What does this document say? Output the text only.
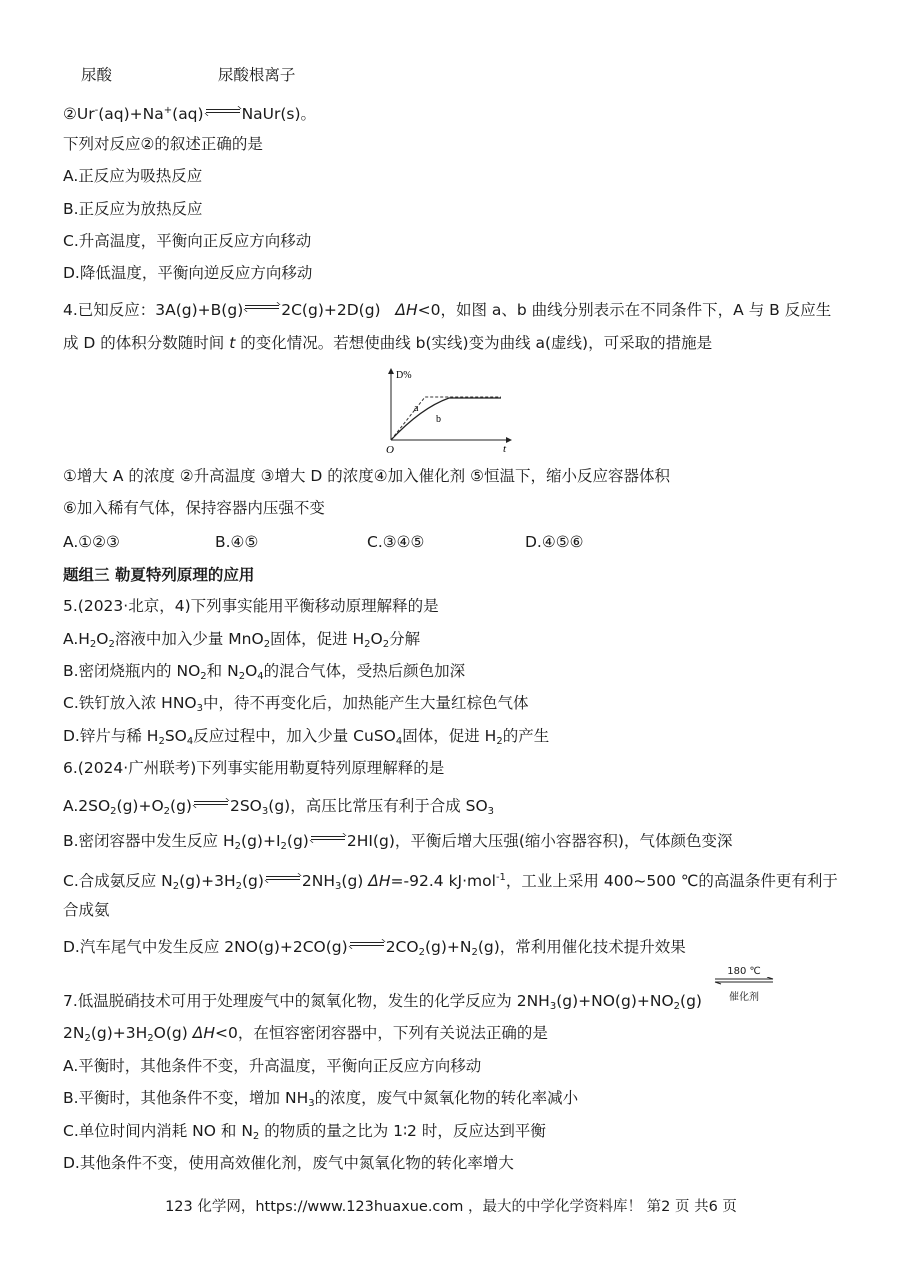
尿酸	尿酸根离子
②Ur-(aq)+Na+(aq) NaUr(s)。
下列对反应②的叙述正确的是
A.正反应为吸热反应
B.正反应为放热反应
C.升高温度，平衡向正反应方向移动
D.降低温度，平衡向逆反应方向移动
4.已知反应：3A(g)+B(g) 2C(g)+2D(g) ΔH<0，如图 a、b 曲线分别表示在不同条件下，A 与 B 反应生
成 D 的体积分数随时间 t 的变化情况。若想使曲线 b(实线)变为曲线 a(虚线)，可采取的措施是
D%
t
O
a
b
①增大 A 的浓度 ②升高温度 ③增大 D 的浓度④加入催化剂 ⑤恒温下，缩小反应容器体积
⑥加入稀有气体，保持容器内压强不变
A.①②③	B.④⑤	C.③④⑤	D.④⑤⑥
题组三 勒夏特列原理的应用
5.(2023·北京，4)下列事实能用平衡移动原理解释的是
$A.H_2O_2$溶液中加入少量 MnO$_2$固体，促进 $H_2O_2$分解
B.密闭烧瓶内的 $NO_2$和 $N_2O_4$的混合气体，受热后颜色加深
C.铁钉放入浓 $HNO_3$中，待不再变化后，加热能产生大量红棕色气体
D.锌片与稀 $H_2SO_4$反应过程中，加入少量 CuSO$_4$固体，促进 $H_2$的产生
6.(2024·广州联考)下列事实能用勒夏特列原理解释的是
$A.2SO_2(g)+O_2(g)$ $2SO_3(g)$，高压比常压有利于合成 $SO_3$
B.密闭容器中发生反应 $H_2(g)+I_2(g)$ 2HI(g)，平衡后增大压强(缩小容器容积)，气体颜色变深
C.合成氨反应 $N_2(g)+3H_2(g)$ $2NH_3(g)$ ΔH=-92.4 kJ·mol$^{-1}$，工业上采用 400~500 ℃的高温条件更有利于
合成氨
D.汽车尾气中发生反应 2NO(g)+2CO(g) $2CO_2(g)+N_2(g)$，常利用催化技术提升效果
7.低温脱硝技术可用于处理废气中的氮氧化物，发生的化学反应为 $2NH_3(g)+NO(g)+NO_2(g)$
180 ℃
催化剂
$2N_2(g)+3H_2O(g)$ ΔH<0，在恒容密闭容器中，下列有关说法正确的是
A.平衡时，其他条件不变，升高温度，平衡向正反应方向移动
B.平衡时，其他条件不变，增加 $NH_3$的浓度，废气中氮氧化物的转化率减小
C.单位时间内消耗 NO 和 $N_2$ 的物质的量之比为 1∶2 时，反应达到平衡
D.其他条件不变，使用高效催化剂，废气中氮氧化物的转化率增大
123 化学网，https://www.123huaxue.com ，最大的中学化学资料库！ 第2 页 共6 页
